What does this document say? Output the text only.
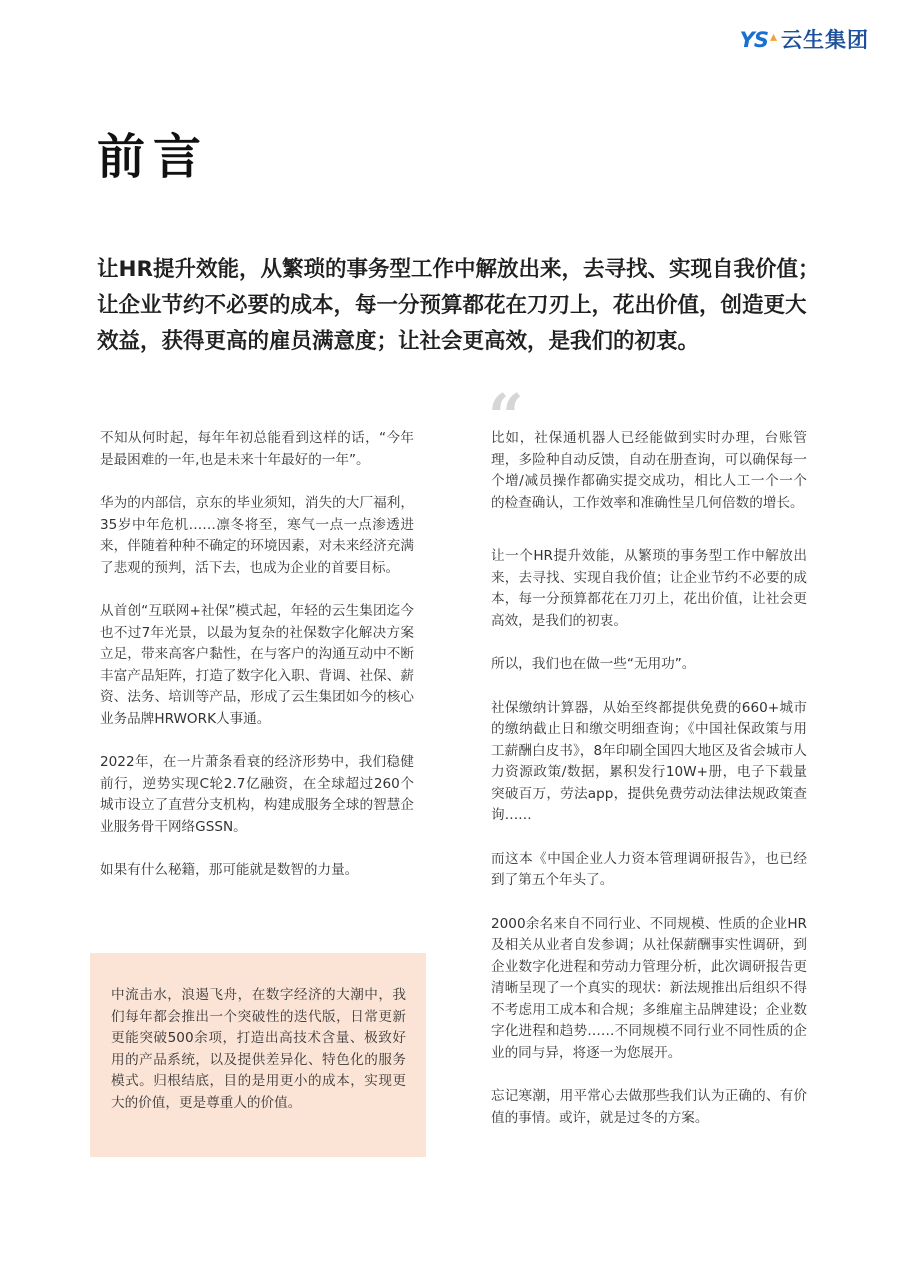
YS ▴ 云生集团
前言

让HR提升效能，从繁琐的事务型工作中解放出来，去寻找、实现自我价值；让企业节约不必要的成本，每一分预算都花在刀刃上，花出价值，创造更大效益，获得更高的雇员满意度；让社会更高效，是我们的初衷。

不知从何时起，每年年初总能看到这样的话，“今年是最困难的一年,也是未来十年最好的一年”。

华为的内部信，京东的毕业须知，消失的大厂福利，35岁中年危机……凛冬将至，寒气一点一点渗透进来，伴随着种种不确定的环境因素，对未来经济充满了悲观的预判，活下去，也成为企业的首要目标。

从首创“互联网+社保”模式起，年轻的云生集团迄今也不过7年光景，以最为复杂的社保数字化解决方案立足，带来高客户黏性，在与客户的沟通互动中不断丰富产品矩阵，打造了数字化入职、背调、社保、薪资、法务、培训等产品，形成了云生集团如今的核心业务品牌HRWORK人事通。

2022年，在一片萧条看衰的经济形势中，我们稳健前行，逆势实现C轮2.7亿融资，在全球超过260个城市设立了直营分支机构，构建成服务全球的智慧企业服务骨干网络GSSN。

如果有什么秘籍，那可能就是数智的力量。

中流击水，浪遏飞舟，在数字经济的大潮中，我们每年都会推出一个突破性的迭代版，日常更新更能突破500余项，打造出高技术含量、极致好用的产品系统，以及提供差异化、特色化的服务模式。归根结底，目的是用更小的成本，实现更大的价值，更是尊重人的价值。

“

比如，社保通机器人已经能做到实时办理，台账管理，多险种自动反馈，自动在册查询，可以确保每一个增/减员操作都确实提交成功，相比人工一个一个的检查确认，工作效率和准确性呈几何倍数的增长。

让一个HR提升效能，从繁琐的事务型工作中解放出来，去寻找、实现自我价值；让企业节约不必要的成本，每一分预算都花在刀刃上，花出价值，让社会更高效，是我们的初衷。

所以，我们也在做一些“无用功”。

社保缴纳计算器，从始至终都提供免费的660+城市的缴纳截止日和缴交明细查询；《中国社保政策与用工薪酬白皮书》，8年印刷全国四大地区及省会城市人力资源政策/数据，累积发行10W+册，电子下载量突破百万，劳法app，提供免费劳动法律法规政策查询……

而这本《中国企业人力资本管理调研报告》，也已经到了第五个年头了。

2000余名来自不同行业、不同规模、性质的企业HR及相关从业者自发参调；从社保薪酬事实性调研，到企业数字化进程和劳动力管理分析，此次调研报告更清晰呈现了一个真实的现状：新法规推出后组织不得不考虑用工成本和合规；多维雇主品牌建设；企业数字化进程和趋势……不同规模不同行业不同性质的企业的同与异，将逐一为您展开。

忘记寒潮，用平常心去做那些我们认为正确的、有价值的事情。或许，就是过冬的方案。
